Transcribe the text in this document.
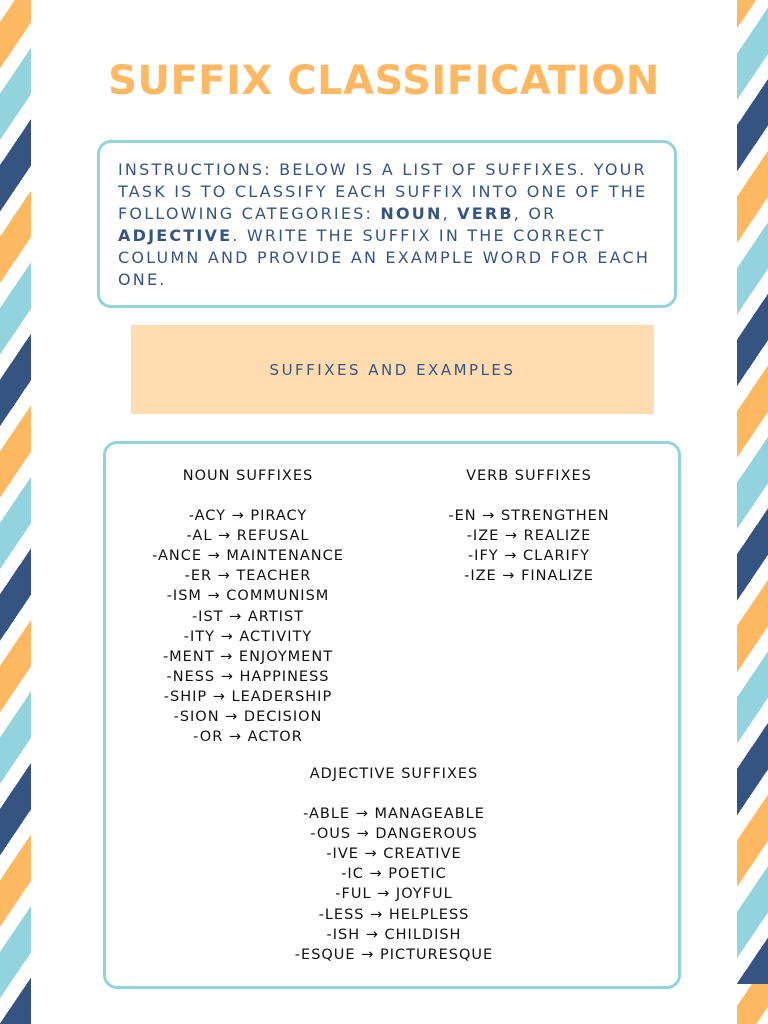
SUFFIX CLASSIFICATION
INSTRUCTIONS: BELOW IS A LIST OF SUFFIXES. YOUR TASK IS TO CLASSIFY EACH SUFFIX INTO ONE OF THE FOLLOWING CATEGORIES: NOUN, VERB, OR ADJECTIVE. WRITE THE SUFFIX IN THE CORRECT COLUMN AND PROVIDE AN EXAMPLE WORD FOR EACH ONE.
SUFFIXES AND EXAMPLES
NOUN SUFFIXES
-ACY → PIRACY
-AL → REFUSAL
-ANCE → MAINTENANCE
-ER → TEACHER
-ISM → COMMUNISM
-IST → ARTIST
-ITY → ACTIVITY
-MENT → ENJOYMENT
-NESS → HAPPINESS
-SHIP → LEADERSHIP
-SION → DECISION
-OR → ACTOR
VERB SUFFIXES
-EN → STRENGTHEN
-IZE → REALIZE
-IFY → CLARIFY
-IZE → FINALIZE
ADJECTIVE SUFFIXES
-ABLE → MANAGEABLE
-OUS → DANGEROUS
-IVE → CREATIVE
-IC → POETIC
-FUL → JOYFUL
-LESS → HELPLESS
-ISH → CHILDISH
-ESQUE → PICTURESQUE
